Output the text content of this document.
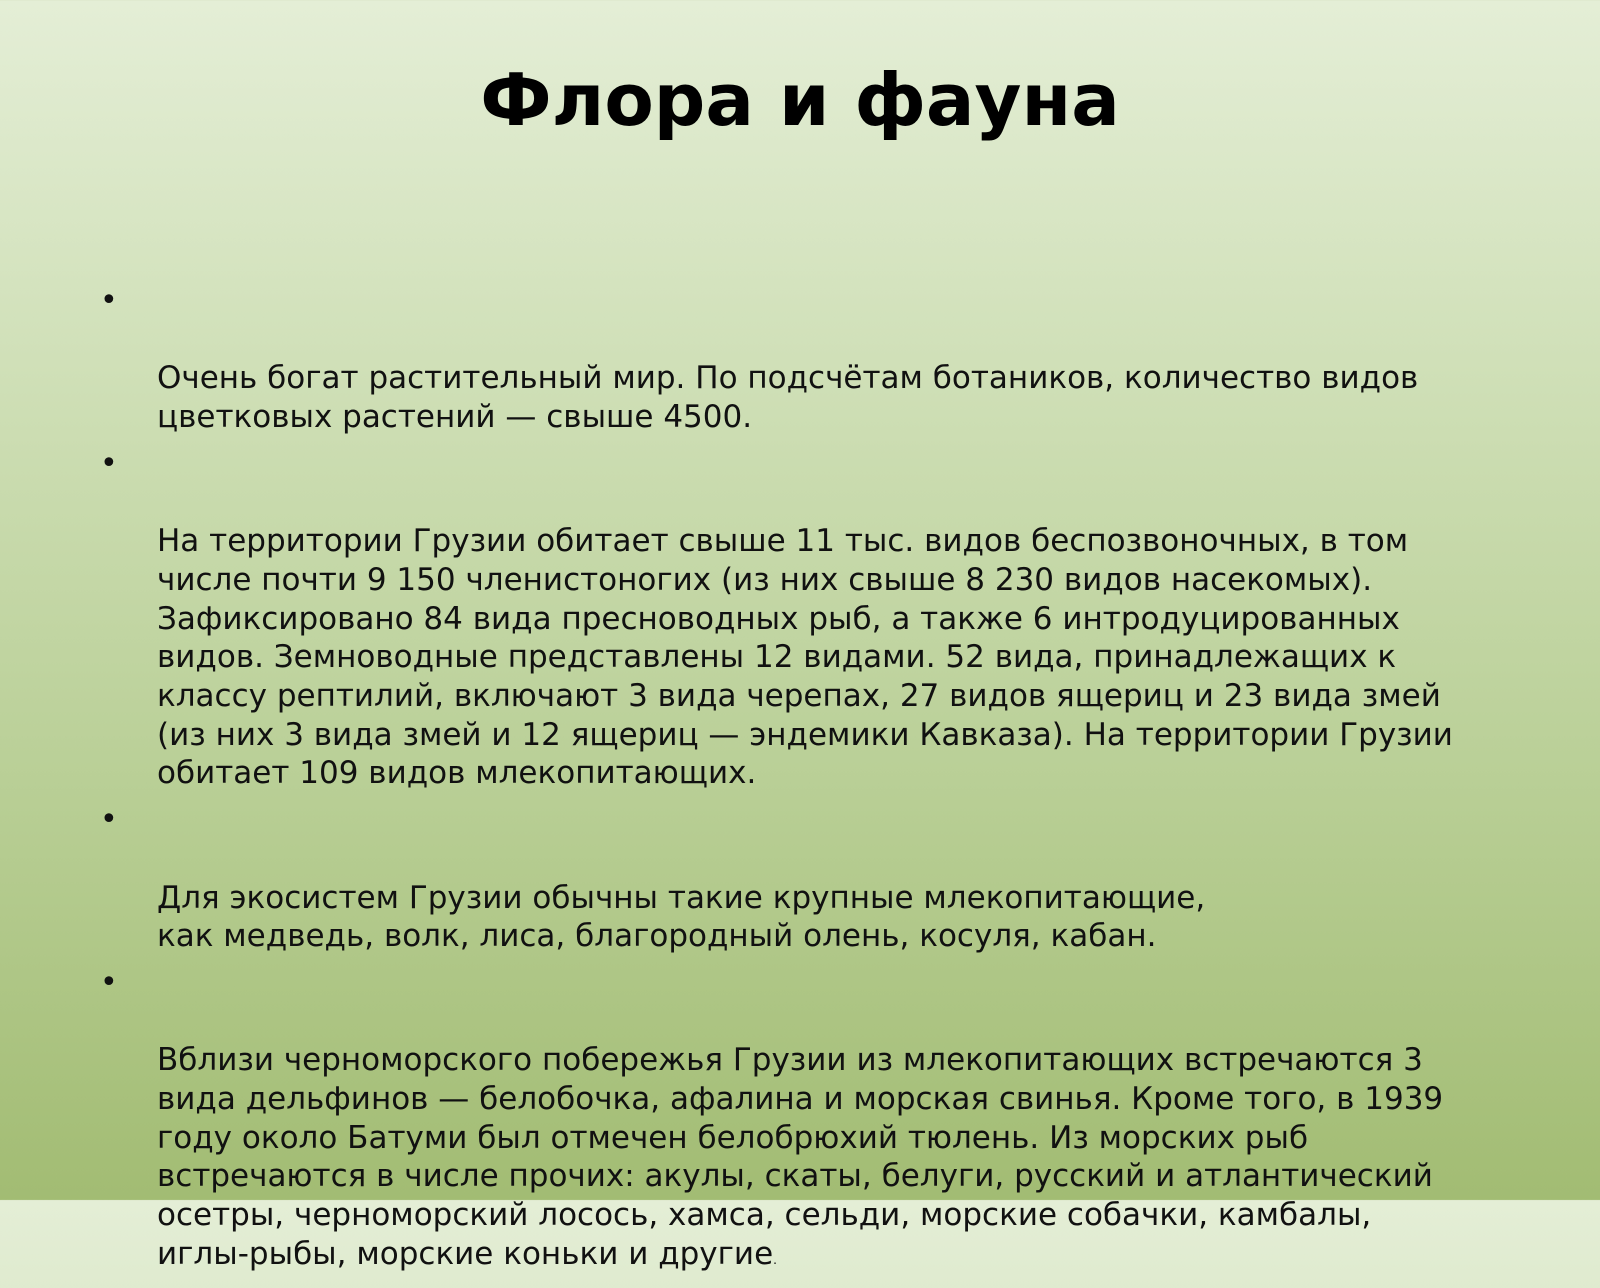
Флора и фауна

•

Очень богат растительный мир. По подсчётам ботаников, количество видов
цветковых растений — свыше 4500.

•

На территории Грузии обитает свыше 11 тыс. видов беспозвоночных, в том
числе почти 9 150 членистоногих (из них свыше 8 230 видов насекомых).
Зафиксировано 84 вида пресноводных рыб, а также 6 интродуцированных
видов. Земноводные представлены 12 видами. 52 вида, принадлежащих к
классу рептилий, включают 3 вида черепах, 27 видов ящериц и 23 вида змей
(из них 3 вида змей и 12 ящериц — эндемики Кавказа). На территории Грузии
обитает 109 видов млекопитающих.

•

Для экосистем Грузии обычны такие крупные млекопитающие,
как медведь, волк, лиса, благородный олень, косуля, кабан.

•

Вблизи черноморского побережья Грузии из млекопитающих встречаются 3
вида дельфинов — белобочка, афалина и морская свинья. Кроме того, в 1939
году около Батуми был отмечен белобрюхий тюлень. Из морских рыб
встречаются в числе прочих: акулы, скаты, белуги, русский и атлантический
осетры, черноморский лосось, хамса, сельди, морские собачки, камбалы,
иглы-рыбы, морские коньки и другие.
